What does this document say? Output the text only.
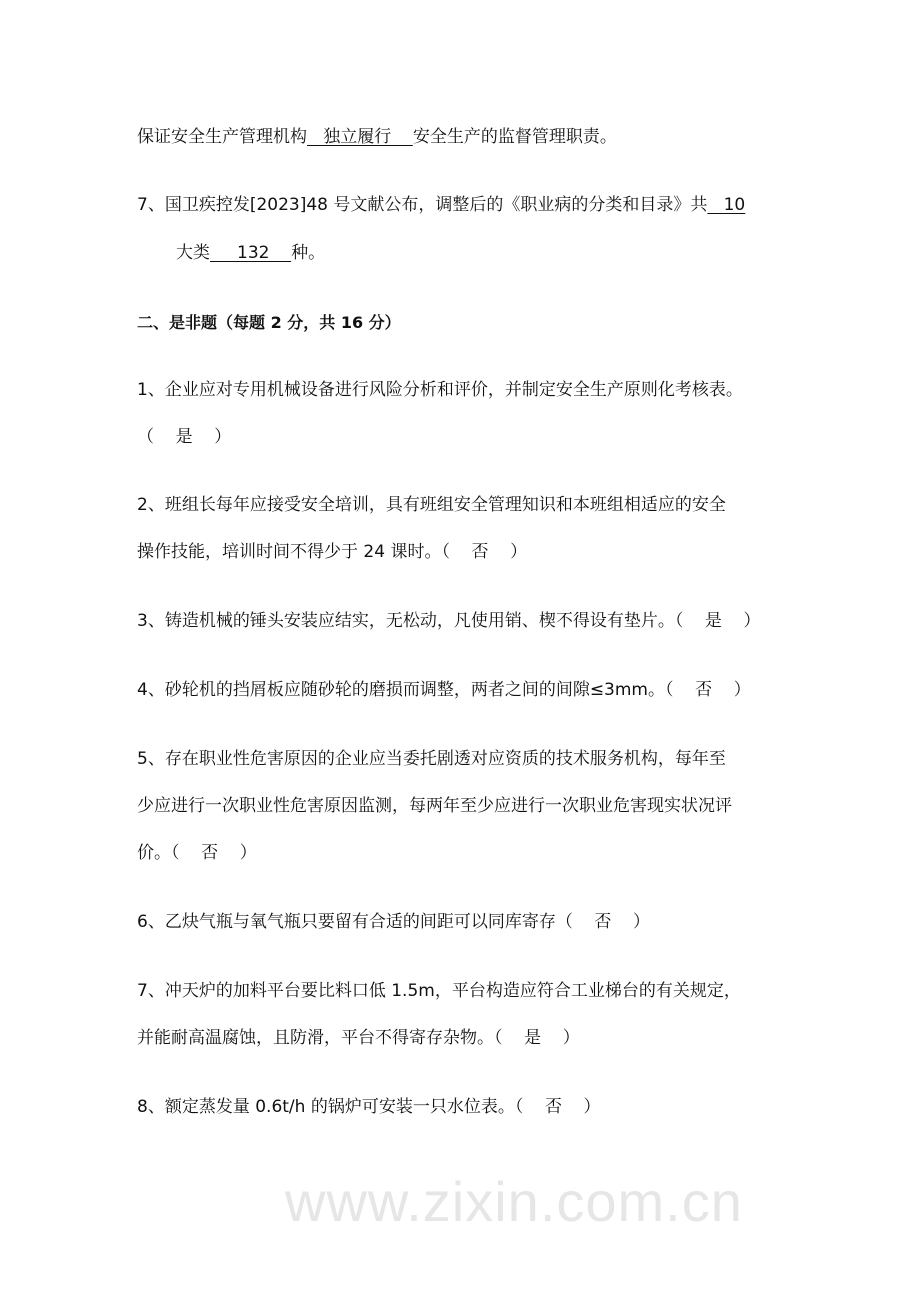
www.zixin.com.cn
保证安全生产管理机构   独立履行    安全生产的监督管理职责。
7、国卫疾控发[2023]48 号文献公布，调整后的《职业病的分类和目录》共   10
大类     132    种。
二、是非题（每题 2 分，共 16 分）
1、企业应对专用机械设备进行风险分析和评价，并制定安全生产原则化考核表。
（    是    ）
2、班组长每年应接受安全培训，具有班组安全管理知识和本班组相适应的安全
操作技能，培训时间不得少于 24 课时。（    否    ）
3、铸造机械的锤头安装应结实，无松动，凡使用销、楔不得设有垫片。（    是    ）
4、砂轮机的挡屑板应随砂轮的磨损而调整，两者之间的间隙≤3mm。（    否    ）
5、存在职业性危害原因的企业应当委托剧透对应资质的技术服务机构，每年至
少应进行一次职业性危害原因监测，每两年至少应进行一次职业危害现实状况评
价。（    否    ）
6、乙炔气瓶与氧气瓶只要留有合适的间距可以同库寄存（    否    ）
7、冲天炉的加料平台要比料口低 1.5m，平台构造应符合工业梯台的有关规定，
并能耐高温腐蚀，且防滑，平台不得寄存杂物。（    是    ）
8、额定蒸发量 0.6t/h 的锅炉可安装一只水位表。（    否    ）
